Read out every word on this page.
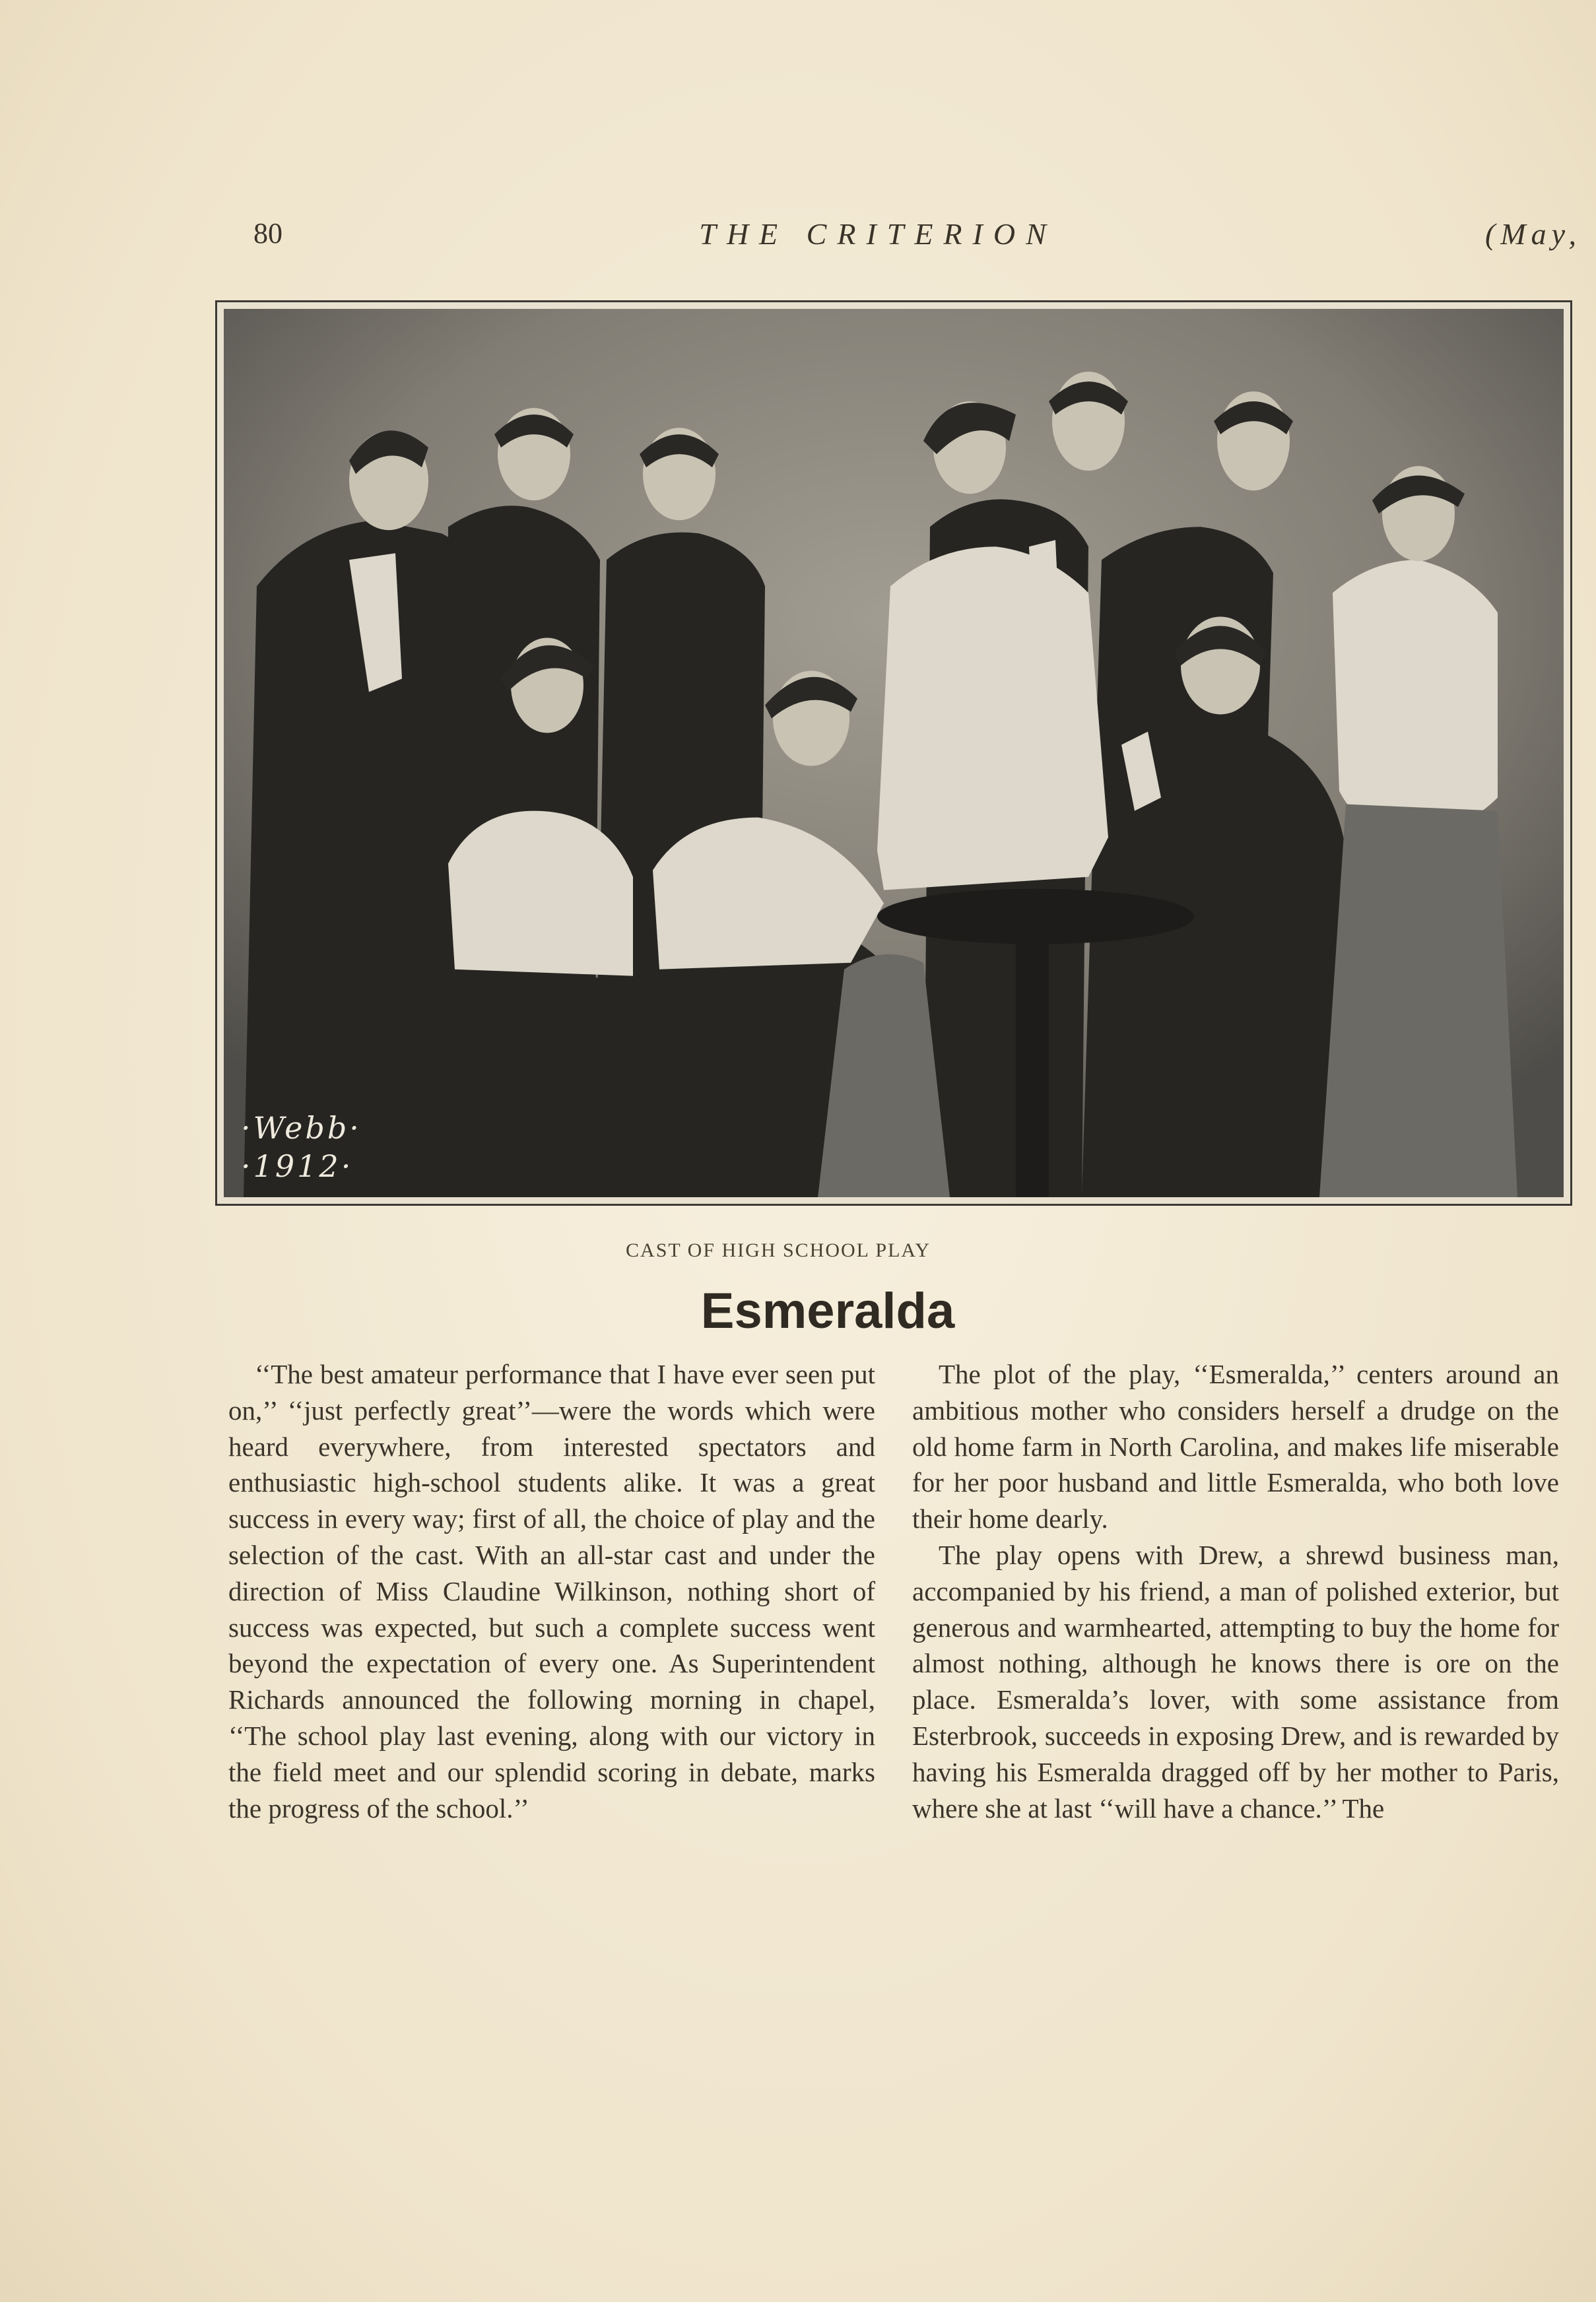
80	THE CRITERION	(May,
·Webb·
·1912·
CAST OF HIGH SCHOOL PLAY
Esmeralda

‘‘The best amateur performance that I have ever seen put on,’’ ‘‘just perfectly great’’—were the words which were heard everywhere, from interested spectators and enthusiastic high-school students alike. It was a great success in every way; first of all, the choice of play and the selection of the cast. With an all-star cast and under the direction of Miss Claudine Wilkinson, nothing short of success was expected, but such a complete success went beyond the expectation of every one. As Superintendent Richards announced the following morning in chapel, ‘‘The school play last evening, along with our victory in the field meet and our splendid scoring in debate, marks the progress of the school.’’

The plot of the play, ‘‘Esmeralda,’’ centers around an ambitious mother who considers herself a drudge on the old home farm in North Carolina, and makes life miserable for her poor husband and little Esmeralda, who both love their home dearly.

The play opens with Drew, a shrewd business man, accompanied by his friend, a man of polished exterior, but generous and warmhearted, attempting to buy the home for almost nothing, although he knows there is ore on the place. Esmeralda’s lover, with some assistance from Esterbrook, succeeds in exposing Drew, and is rewarded by having his Esmeralda dragged off by her mother to Paris, where she at last ‘‘will have a chance.’’ The
